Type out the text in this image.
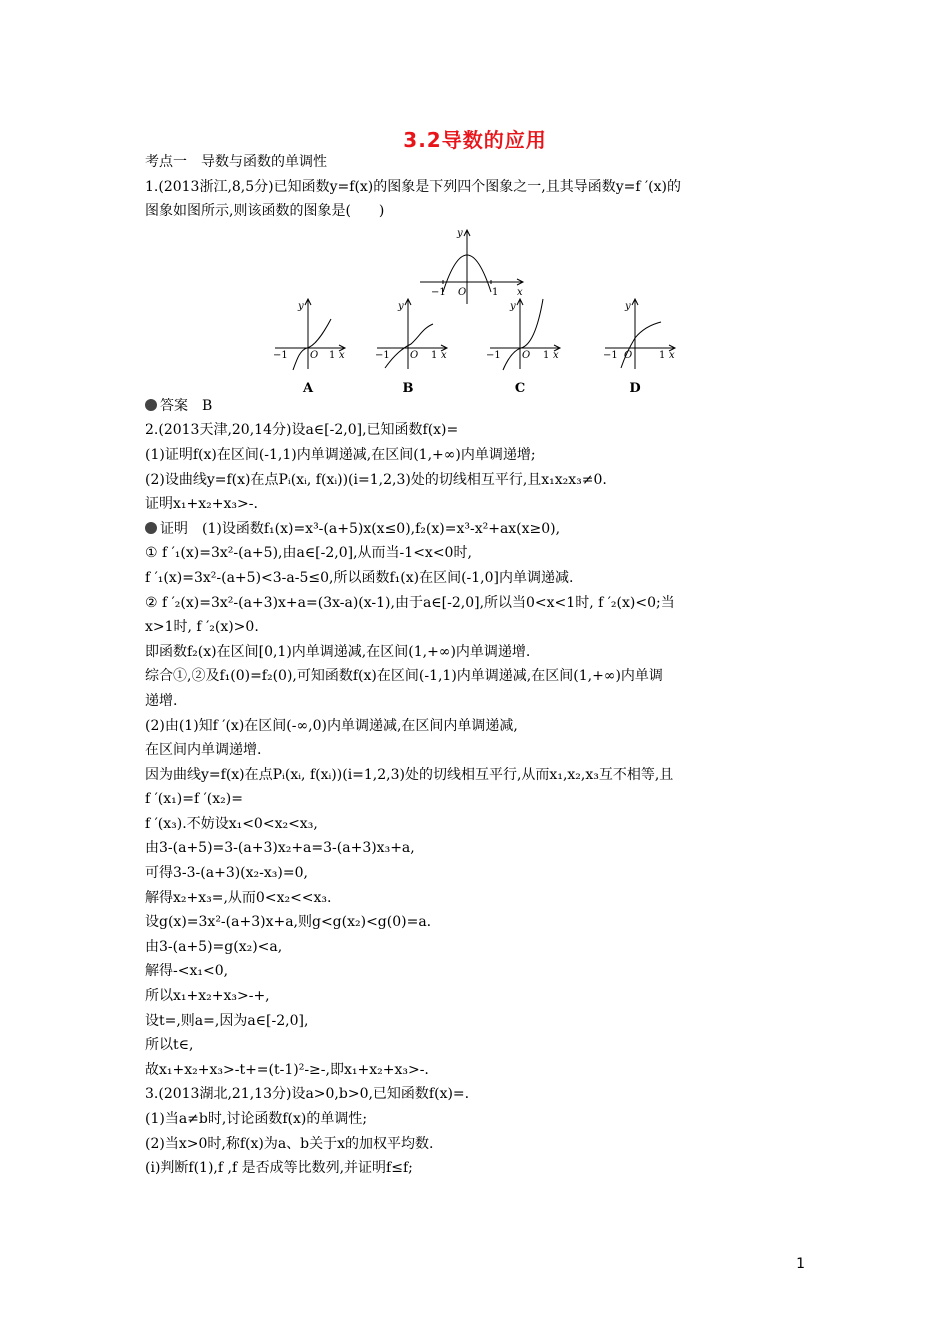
3.2导数的应用
考点一　导数与函数的单调性
1.(2013浙江,8,5分)已知函数y=f(x)的图象是下列四个图象之一,且其导函数y=f ′(x)的
图象如图所示,则该函数的图象是(　　)
y
x
−1 O	1
y
−1 O 1 x
A
y
−1 O 1 x
B
y
−1 O 1 x
C
y
−1 O	1 x
D
答案　B
2.(2013天津,20,14分)设a∈[-2,0],已知函数f(x)=
(1)证明f(x)在区间(-1,1)内单调递减,在区间(1,+∞)内单调递增;
(2)设曲线y=f(x)在点Pᵢ(xᵢ, f(xᵢ))(i=1,2,3)处的切线相互平行,且x₁x₂x₃≠0.
证明x₁+x₂+x₃>-.
证明　(1)设函数f₁(x)=x³-(a+5)x(x≤0),f₂(x)=x³-x²+ax(x≥0),
① f ′₁(x)=3x²-(a+5),由a∈[-2,0],从而当-1<x<0时,
f ′₁(x)=3x²-(a+5)<3-a-5≤0,所以函数f₁(x)在区间(-1,0]内单调递减.
② f ′₂(x)=3x²-(a+3)x+a=(3x-a)(x-1),由于a∈[-2,0],所以当0<x<1时, f ′₂(x)<0;当
x>1时, f ′₂(x)>0.
即函数f₂(x)在区间[0,1)内单调递减,在区间(1,+∞)内单调递增.
综合①,②及f₁(0)=f₂(0),可知函数f(x)在区间(-1,1)内单调递减,在区间(1,+∞)内单调
递增.
(2)由(1)知f ′(x)在区间(-∞,0)内单调递减,在区间内单调递减,
在区间内单调递增.
因为曲线y=f(x)在点Pᵢ(xᵢ, f(xᵢ))(i=1,2,3)处的切线相互平行,从而x₁,x₂,x₃互不相等,且
f ′(x₁)=f ′(x₂)=
f ′(x₃).不妨设x₁<0<x₂<x₃,
由3-(a+5)=3-(a+3)x₂+a=3-(a+3)x₃+a,
可得3-3-(a+3)(x₂-x₃)=0,
解得x₂+x₃=,从而0<x₂<<x₃.
设g(x)=3x²-(a+3)x+a,则g<g(x₂)<g(0)=a.
由3-(a+5)=g(x₂)<a,
解得-<x₁<0,
所以x₁+x₂+x₃>-+,
设t=,则a=,因为a∈[-2,0],
所以t∈,
故x₁+x₂+x₃>-t+=(t-1)²-≥-,即x₁+x₂+x₃>-.
3.(2013湖北,21,13分)设a>0,b>0,已知函数f(x)=.
(1)当a≠b时,讨论函数f(x)的单调性;
(2)当x>0时,称f(x)为a、b关于x的加权平均数.
(i)判断f(1),f ,f 是否成等比数列,并证明f≤f;
1
